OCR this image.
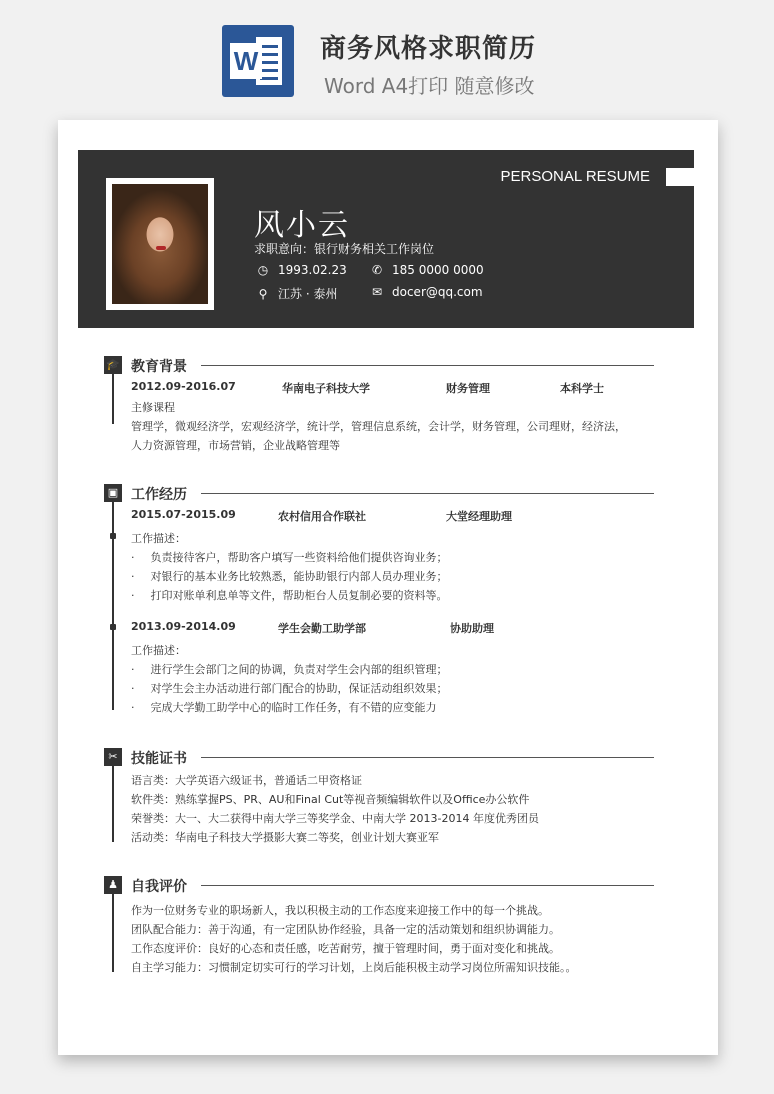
W 商务风格求职简历
Word A4打印 随意修改
PERSONAL RESUME
风小云
求职意向：银行财务相关工作岗位
◷ 1993.02.23 ✆ 185 0000 0000
⚲ 江苏 · 泰州	✉ docer@qq.com
🎓 教育背景
2012.09-2016.07	华南电子科技大学	财务管理	本科学士
主修课程
管理学，微观经济学，宏观经济学，统计学，管理信息系统，会计学，财务管理，公司理财，经济法，
人力资源管理，市场营销，企业战略管理等
▣ 工作经历
2015.07-2015.09	农村信用合作联社	大堂经理助理
工作描述：
· 负责接待客户，帮助客户填写一些资料给他们提供咨询业务；
· 对银行的基本业务比较熟悉，能协助银行内部人员办理业务；
· 打印对账单利息单等文件，帮助柜台人员复制必要的资料等。
2013.09-2014.09	学生会勤工助学部	协助助理
工作描述：
· 进行学生会部门之间的协调，负责对学生会内部的组织管理；
· 对学生会主办活动进行部门配合的协助，保证活动组织效果；
· 完成大学勤工助学中心的临时工作任务，有不错的应变能力
✂ 技能证书
语言类：大学英语六级证书，普通话二甲资格证
软件类：熟练掌握PS、PR、AU和Final Cut等视音频编辑软件以及Office办公软件
荣誉类：大一、大二获得中南大学三等奖学金、中南大学 2013-2014 年度优秀团员
活动类：华南电子科技大学摄影大赛二等奖，创业计划大赛亚军
♟ 自我评价
作为一位财务专业的职场新人，我以积极主动的工作态度来迎接工作中的每一个挑战。
团队配合能力：善于沟通，有一定团队协作经验，具备一定的活动策划和组织协调能力。
工作态度评价：良好的心态和责任感，吃苦耐劳，擅于管理时间，勇于面对变化和挑战。
自主学习能力：习惯制定切实可行的学习计划，上岗后能积极主动学习岗位所需知识技能。。
